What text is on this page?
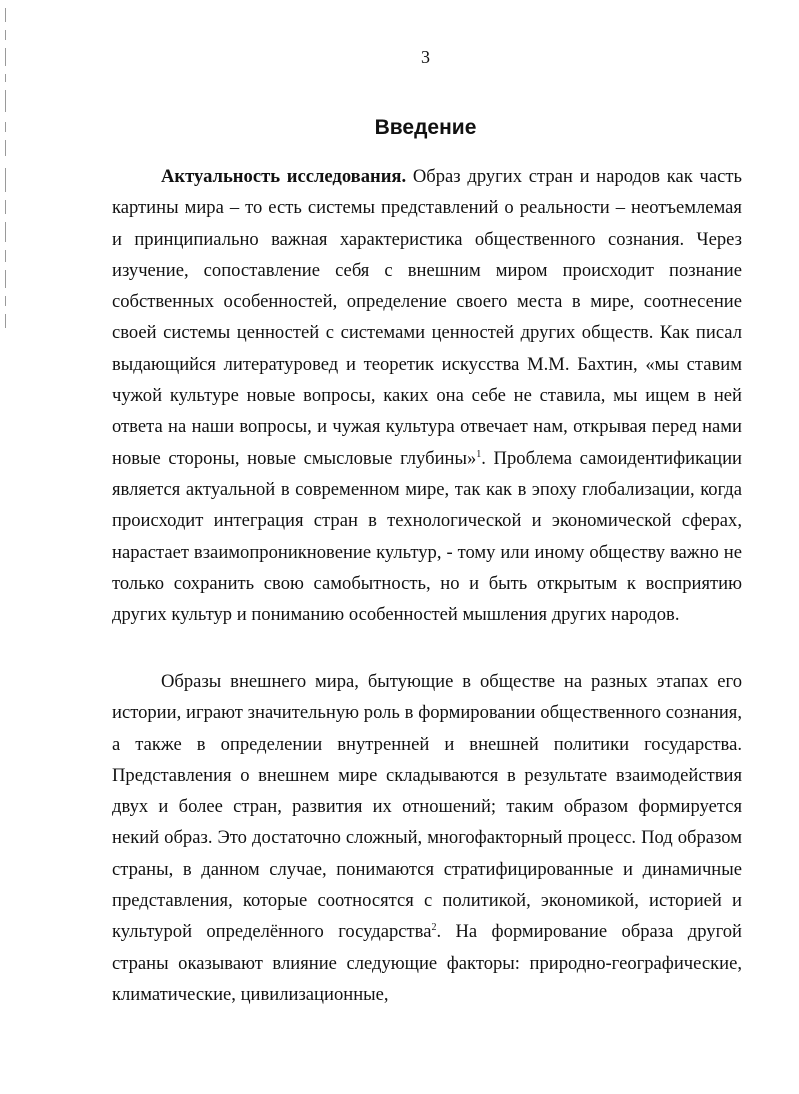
3
Введение

Актуальность исследования. Образ других стран и народов как часть картины мира – то есть системы представлений о реальности – неотъемлемая и принципиально важная характеристика общественного сознания. Через изучение, сопоставление себя с внешним миром происходит познание собственных особенностей, определение своего места в мире, соотнесение своей системы ценностей с системами ценностей других обществ. Как писал выдающийся литературовед и теоретик искусства М.М. Бахтин, «мы ставим чужой культуре новые вопросы, каких она себе не ставила, мы ищем в ней ответа на наши вопросы, и чужая культура отвечает нам, открывая перед нами новые стороны, новые смысловые глубины»$^1$. Проблема самоидентификации является актуальной в современном мире, так как в эпоху глобализации, когда происходит интеграция стран в технологической и экономической сферах, нарастает взаимопроникновение культур, - тому или иному обществу важно не только сохранить свою самобытность, но и быть открытым к восприятию других культур и пониманию особенностей мышления других народов.

Образы внешнего мира, бытующие в обществе на разных этапах его истории, играют значительную роль в формировании общественного сознания, а также в определении внутренней и внешней политики государства. Представления о внешнем мире складываются в результате взаимодействия двух и более стран, развития их отношений; таким образом формируется некий образ. Это достаточно сложный, многофакторный процесс. Под образом страны, в данном случае, понимаются стратифицированные и динамичные представления, которые соотносятся с политикой, экономикой, историей и культурой определённого государства$^2$. На формирование образа другой страны оказывают влияние следующие факторы: природно-географические, климатические, цивилизационные,
